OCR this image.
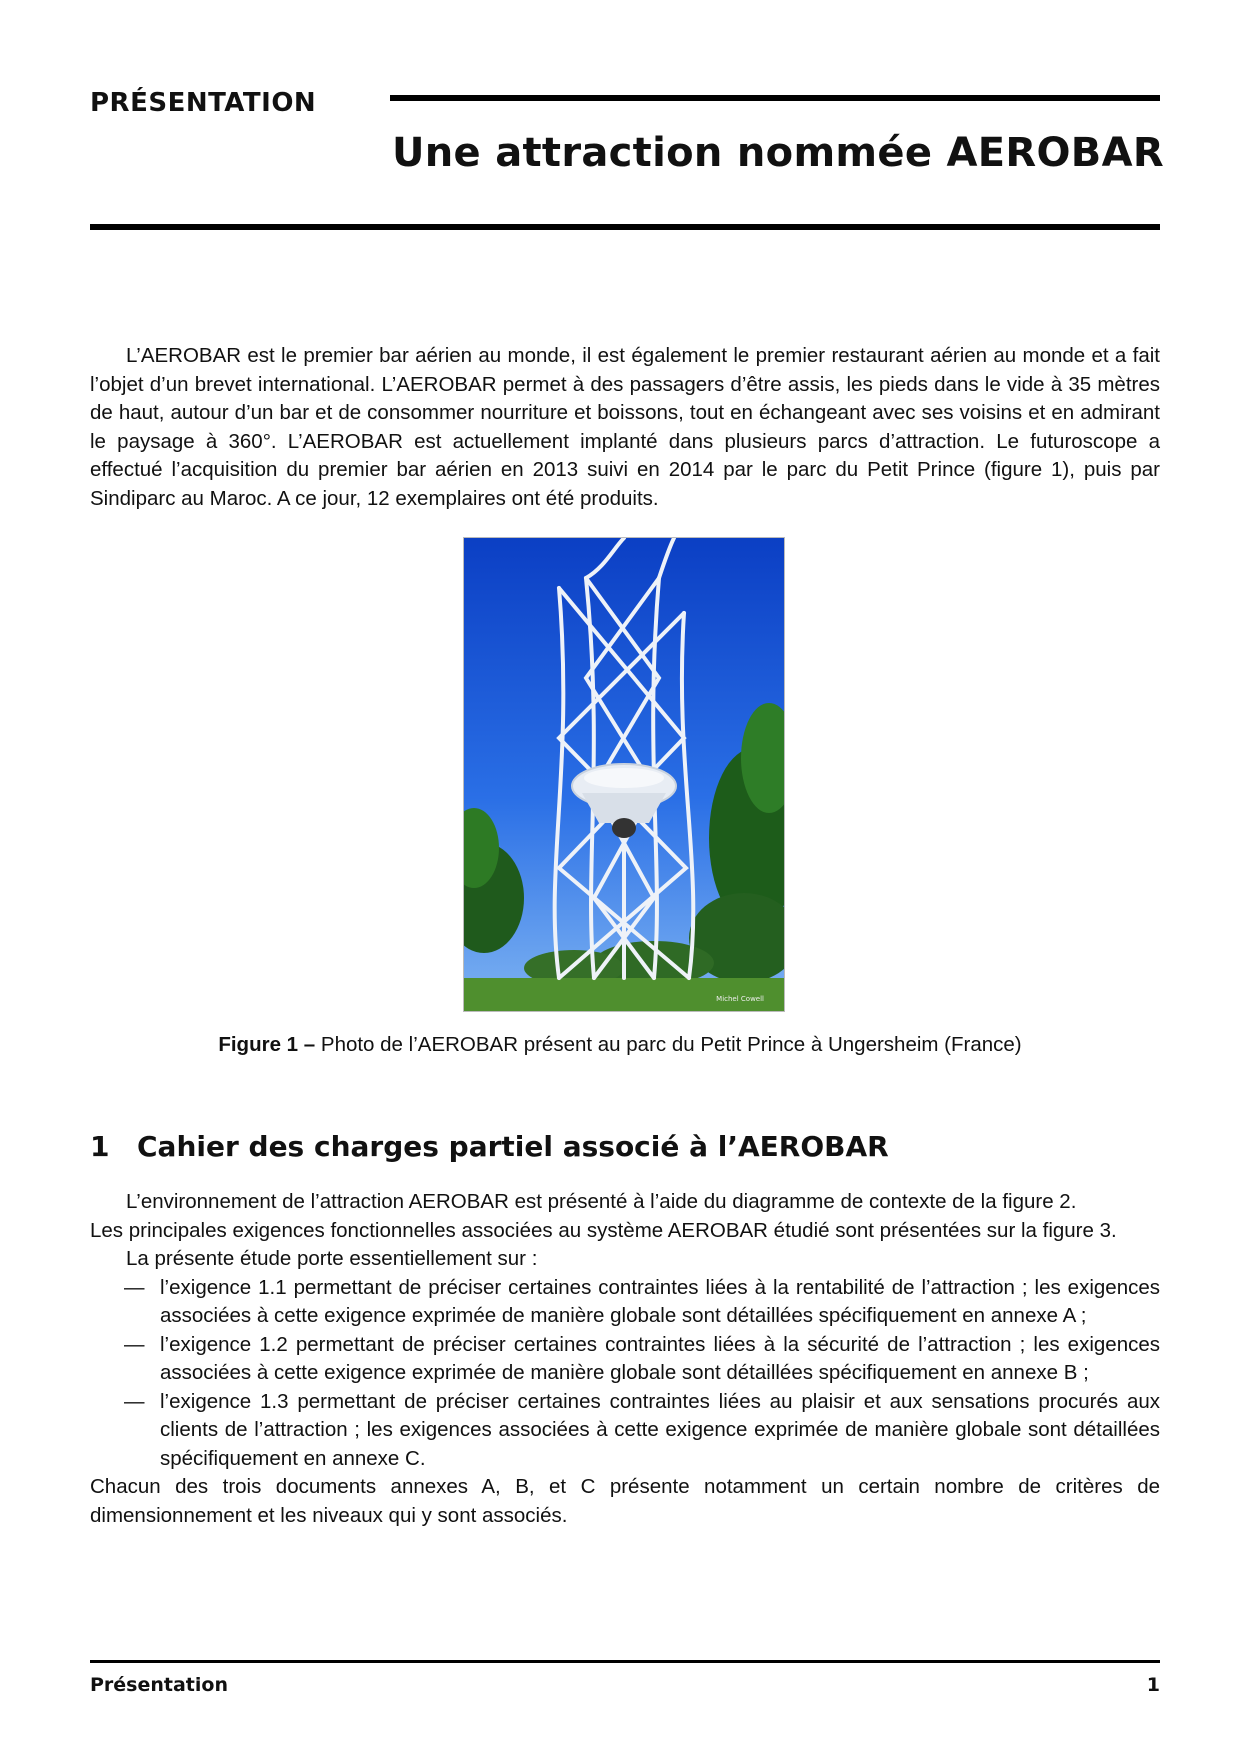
PRÉSENTATION
Une attraction nommée AEROBAR

L’AEROBAR est le premier bar aérien au monde, il est également le premier restaurant aérien au monde et a fait l’objet d’un brevet international. L’AEROBAR permet à des passagers d’être assis, les pieds dans le vide à 35 mètres de haut, autour d’un bar et de consommer nourriture et boissons, tout en échangeant avec ses voisins et en admirant le paysage à 360°. L’AEROBAR est actuellement implanté dans plusieurs parcs d’attraction. Le futuroscope a effectué l’acquisition du premier bar aérien en 2013 suivi en 2014 par le parc du Petit Prince (figure 1), puis par Sindiparc au Maroc. A ce jour, 12 exemplaires ont été produits.

Michel Cowell
Figure 1 – Photo de l’AEROBAR présent au parc du Petit Prince à Ungersheim (France)
1 Cahier des charges partiel associé à l’AEROBAR

L’environnement de l’attraction AEROBAR est présenté à l’aide du diagramme de contexte de la figure 2.

Les principales exigences fonctionnelles associées au système AEROBAR étudié sont présentées sur la figure 3.

La présente étude porte essentiellement sur :

— l’exigence 1.1 permettant de préciser certaines contraintes liées à la rentabilité de l’attraction ; les exigences associées à cette exigence exprimée de manière globale sont détaillées spécifiquement en annexe A ;
— l’exigence 1.2 permettant de préciser certaines contraintes liées à la sécurité de l’attraction ; les exigences associées à cette exigence exprimée de manière globale sont détaillées spécifiquement en annexe B ;
— l’exigence 1.3 permettant de préciser certaines contraintes liées au plaisir et aux sensations procurés aux clients de l’attraction ; les exigences associées à cette exigence exprimée de manière globale sont détaillées spécifiquement en annexe C.

Chacun des trois documents annexes A, B, et C présente notamment un certain nombre de critères de dimensionnement et les niveaux qui y sont associés.

Présentation	1
